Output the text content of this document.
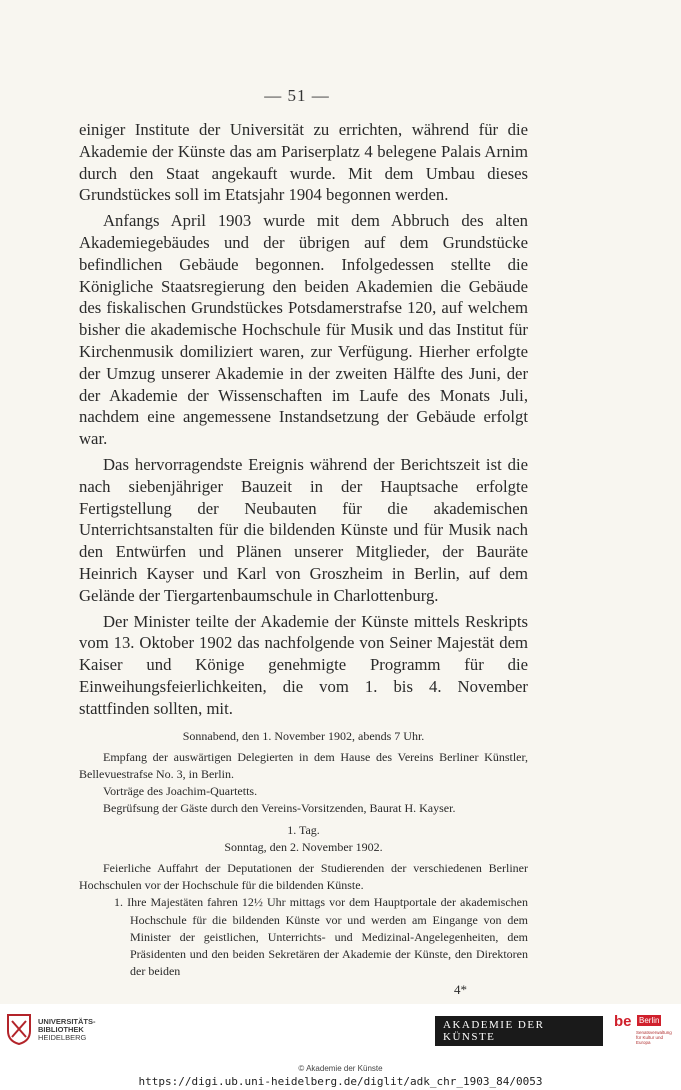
— 51 —

einiger Institute der Universität zu errichten, während für die Akademie der Künste das am Pariserplatz 4 belegene Palais Arnim durch den Staat angekauft wurde. Mit dem Umbau dieses Grundstückes soll im Etatsjahr 1904 begonnen werden.

Anfangs April 1903 wurde mit dem Abbruch des alten Akademiegebäudes und der übrigen auf dem Grundstücke befindlichen Gebäude begonnen. Infolgedessen stellte die Königliche Staatsregierung den beiden Akademien die Gebäude des fiskalischen Grundstückes Potsdamerstrafse 120, auf welchem bisher die akademische Hochschule für Musik und das Institut für Kirchenmusik domiliziert waren, zur Verfügung. Hierher erfolgte der Umzug unserer Akademie in der zweiten Hälfte des Juni, der der Akademie der Wissenschaften im Laufe des Monats Juli, nachdem eine angemessene Instandsetzung der Gebäude erfolgt war.

Das hervorragendste Ereignis während der Berichtszeit ist die nach siebenjähriger Bauzeit in der Hauptsache erfolgte Fertigstellung der Neubauten für die akademischen Unterrichtsanstalten für die bildenden Künste und für Musik nach den Entwürfen und Plänen unserer Mitglieder, der Bauräte Heinrich Kayser und Karl von Groszheim in Berlin, auf dem Gelände der Tiergartenbaumschule in Charlottenburg.

Der Minister teilte der Akademie der Künste mittels Reskripts vom 13. Oktober 1902 das nachfolgende von Seiner Majestät dem Kaiser und Könige genehmigte Programm für die Einweihungsfeierlichkeiten, die vom 1. bis 4. November stattfinden sollten, mit.

Sonnabend, den 1. November 1902, abends 7 Uhr.

Empfang der auswärtigen Delegierten in dem Hause des Vereins Berliner Künstler, Bellevuestrafse No. 3, in Berlin.

Vorträge des Joachim-Quartetts.

Begrüfsung der Gäste durch den Vereins-Vorsitzenden, Baurat H. Kayser.

1. Tag.

Sonntag, den 2. November 1902.

Feierliche Auffahrt der Deputationen der Studierenden der verschiedenen Berliner Hochschulen vor der Hochschule für die bildenden Künste.

1. Ihre Majestäten fahren 12½ Uhr mittags vor dem Hauptportale der akademischen Hochschule für die bildenden Künste vor und werden am Eingange von dem Minister der geistlichen, Unterrichts- und Medizinal-Angelegenheiten, dem Präsidenten und den beiden Sekretären der Akademie der Künste, den Direktoren der beiden

4*
UNIVERSITÄTS-
BIBLIOTHEK
HEIDELBERG
AKADEMIE DER KÜNSTE
be Berlin
Senatsverwaltung für Kultur und Europa
© Akademie der Künste
https://digi.ub.uni-heidelberg.de/diglit/adk_chr_1903_84/0053
